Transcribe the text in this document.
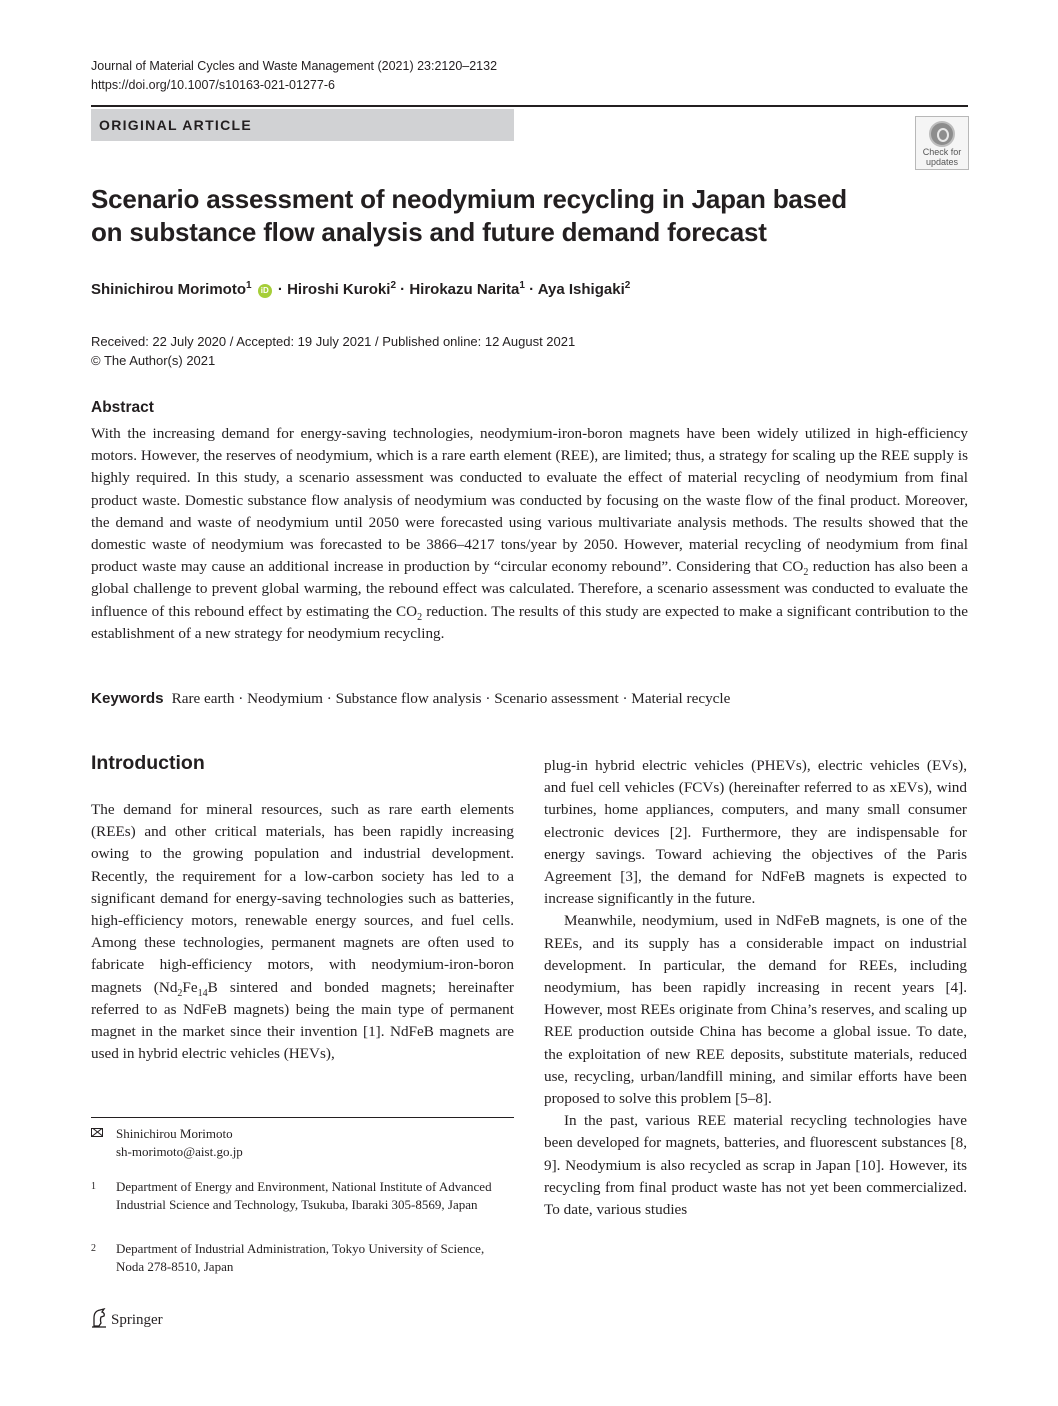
Journal of Material Cycles and Waste Management (2021) 23:2120–2132
https://doi.org/10.1007/s10163-021-01277-6
ORIGINAL ARTICLE
Check for
updates
Scenario assessment of neodymium recycling in Japan based
on substance flow analysis and future demand forecast
Shinichirou Morimoto$^1$ iD · Hiroshi Kuroki$^2$ · Hirokazu Narita$^1$ · Aya Ishigaki$^2$
Received: 22 July 2020 / Accepted: 19 July 2021 / Published online: 12 August 2021
© The Author(s) 2021
Abstract
With the increasing demand for energy-saving technologies, neodymium-iron-boron magnets have been widely utilized in high-efficiency motors. However, the reserves of neodymium, which is a rare earth element (REE), are limited; thus, a strategy for scaling up the REE supply is highly required. In this study, a scenario assessment was conducted to evaluate the effect of material recycling of neodymium from final product waste. Domestic substance flow analysis of neodymium was conducted by focusing on the waste flow of the final product. Moreover, the demand and waste of neodymium until 2050 were forecasted using various multivariate analysis methods. The results showed that the domestic waste of neodymium was forecasted to be 3866–4217 tons/year by 2050. However, material recycling of neodymium from final product waste may cause an additional increase in production by “circular economy rebound”. Considering that $CO_2$ reduction has also been a global challenge to prevent global warming, the rebound effect was calculated. Therefore, a scenario assessment was conducted to evaluate the influence of this rebound effect by estimating the $CO_2$ reduction. The results of this study are expected to make a significant contribution to the establishment of a new strategy for neodymium recycling.
Keywords Rare earth · Neodymium · Substance flow analysis · Scenario assessment · Material recycle
Introduction

The demand for mineral resources, such as rare earth elements (REEs) and other critical materials, has been rapidly increasing owing to the growing population and industrial development. Recently, the requirement for a low-carbon society has led to a significant demand for energy-saving technologies such as batteries, high-efficiency motors, renewable energy sources, and fuel cells. Among these technologies, permanent magnets are often used to fabricate high-efficiency motors, with neodymium-iron-boron magnets ($Nd_2Fe_{14}B$ sintered and bonded magnets; hereinafter referred to as NdFeB magnets) being the main type of permanent magnet in the market since their invention [1]. NdFeB magnets are used in hybrid electric vehicles (HEVs),

plug-in hybrid electric vehicles (PHEVs), electric vehicles (EVs), and fuel cell vehicles (FCVs) (hereinafter referred to as xEVs), wind turbines, home appliances, computers, and many small consumer electronic devices [2]. Furthermore, they are indispensable for energy savings. Toward achieving the objectives of the Paris Agreement [3], the demand for NdFeB magnets is expected to increase significantly in the future.

Meanwhile, neodymium, used in NdFeB magnets, is one of the REEs, and its supply has a considerable impact on industrial development. In particular, the demand for REEs, including neodymium, has been rapidly increasing in recent years [4]. However, most REEs originate from China’s reserves, and scaling up REE production outside China has become a global issue. To date, the exploitation of new REE deposits, substitute materials, reduced use, recycling, urban/landfill mining, and similar efforts have been proposed to solve this problem [5–8].

In the past, various REE material recycling technologies have been developed for magnets, batteries, and fluorescent substances [8, 9]. Neodymium is also recycled as scrap in Japan [10]. However, its recycling from final product waste has not yet been commercialized. To date, various studies

Shinichirou Morimoto
sh-morimoto@aist.go.jp
1 Department of Energy and Environment, National Institute of Advanced Industrial Science and Technology, Tsukuba, Ibaraki 305-8569, Japan
2 Department of Industrial Administration, Tokyo University of Science, Noda 278-8510, Japan
Springer
